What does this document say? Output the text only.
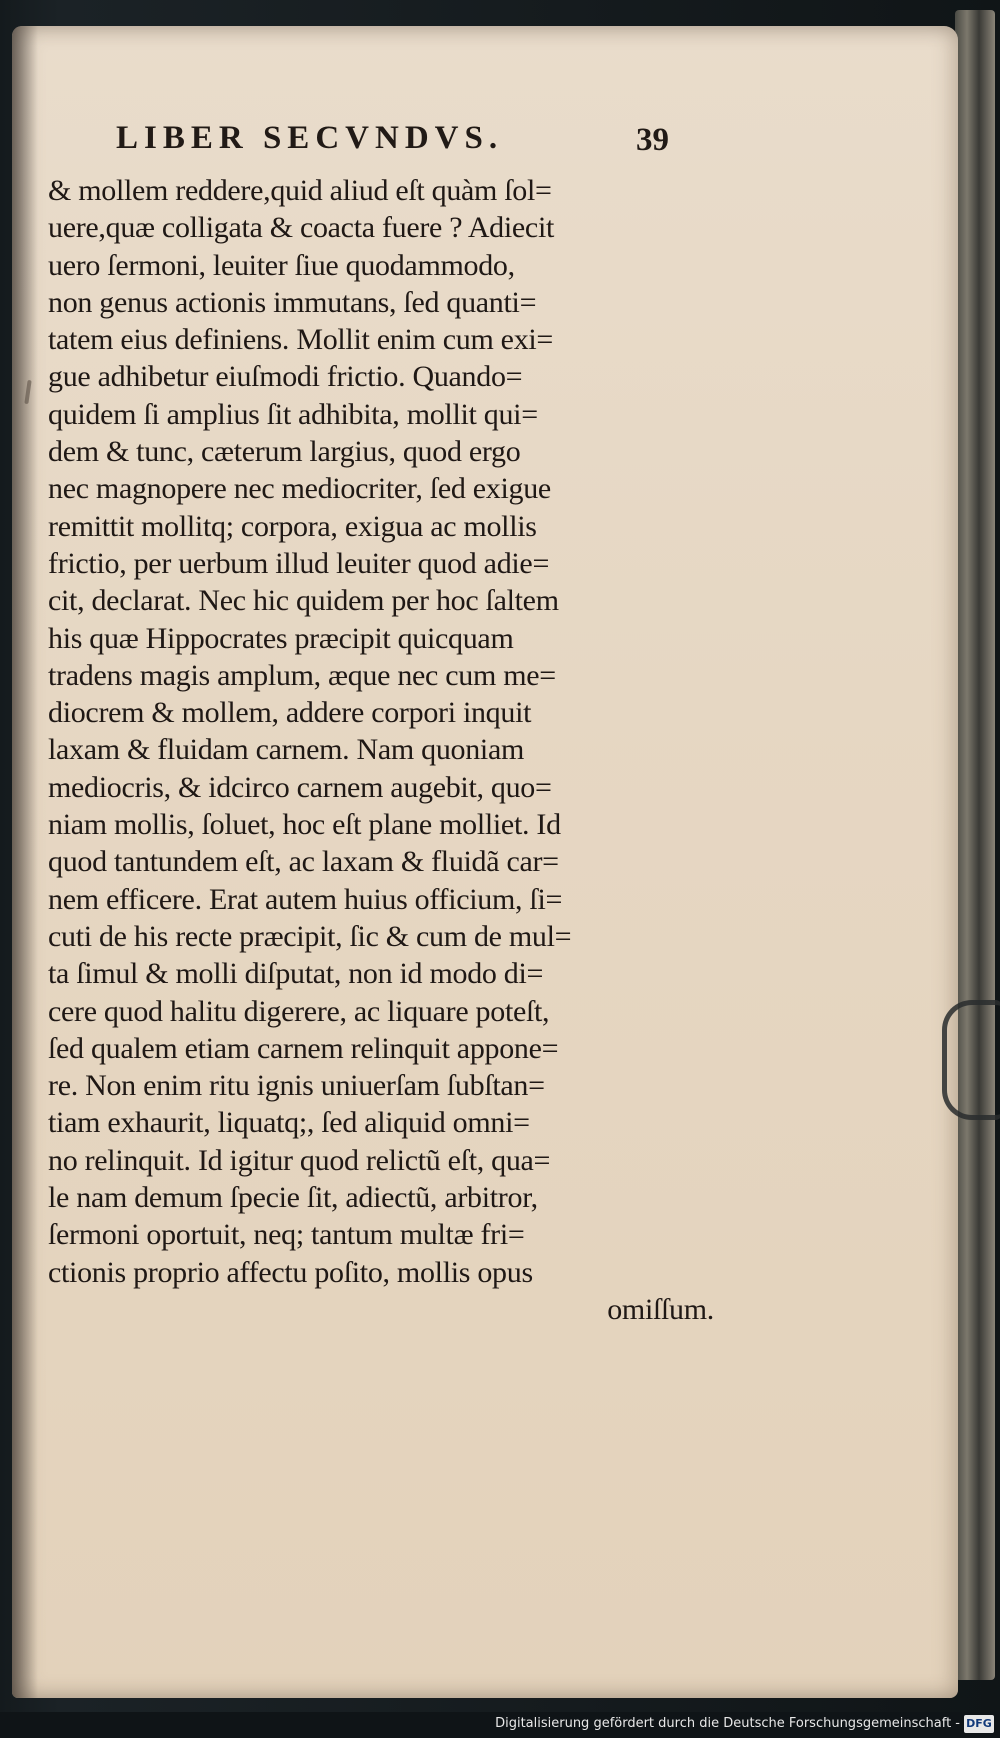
LIBER SECVNDVS.	39
& mollem reddere,quid aliud eſt quàm ſol=
uere,quæ colligata & coacta fuere ? Adiecit
uero ſermoni, leuiter ſiue quodammodo,
non genus actionis immutans, ſed quanti=
tatem eius definiens. Mollit enim cum exi=
gue adhibetur eiuſmodi frictio. Quando=
quidem ſi amplius ſit adhibita, mollit qui=
dem & tunc, cæterum largius, quod ergo
nec magnopere nec mediocriter, ſed exigue
remittit mollitq; corpora, exigua ac mollis
frictio, per uerbum illud leuiter quod adie=
cit, declarat. Nec hic quidem per hoc ſaltem
his quæ Hippocrates præcipit quicquam
tradens magis amplum, æque nec cum me=
diocrem & mollem, addere corpori inquit
laxam & fluidam carnem. Nam quoniam
mediocris, & idcirco carnem augebit, quo=
niam mollis, ſoluet, hoc eſt plane molliet. Id
quod tantundem eſt, ac laxam & fluidã car=
nem efficere. Erat autem huius officium, ſi=
cuti de his recte præcipit, ſic & cum de mul=
ta ſimul & molli diſputat, non id modo di=
cere quod halitu digerere, ac liquare poteſt,
ſed qualem etiam carnem relinquit appone=
re. Non enim ritu ignis uniuerſam ſubſtan=
tiam exhaurit, liquatq;, ſed aliquid omni=
no relinquit. Id igitur quod relictũ eſt, qua=
le nam demum ſpecie ſit, adiectũ, arbitror,
ſermoni oportuit, neq; tantum multæ fri=
ctionis proprio affectu poſito, mollis opus
omiſſum.
Digitalisierung gefördert durch die Deutsche Forschungsgemeinschaft - DFG
